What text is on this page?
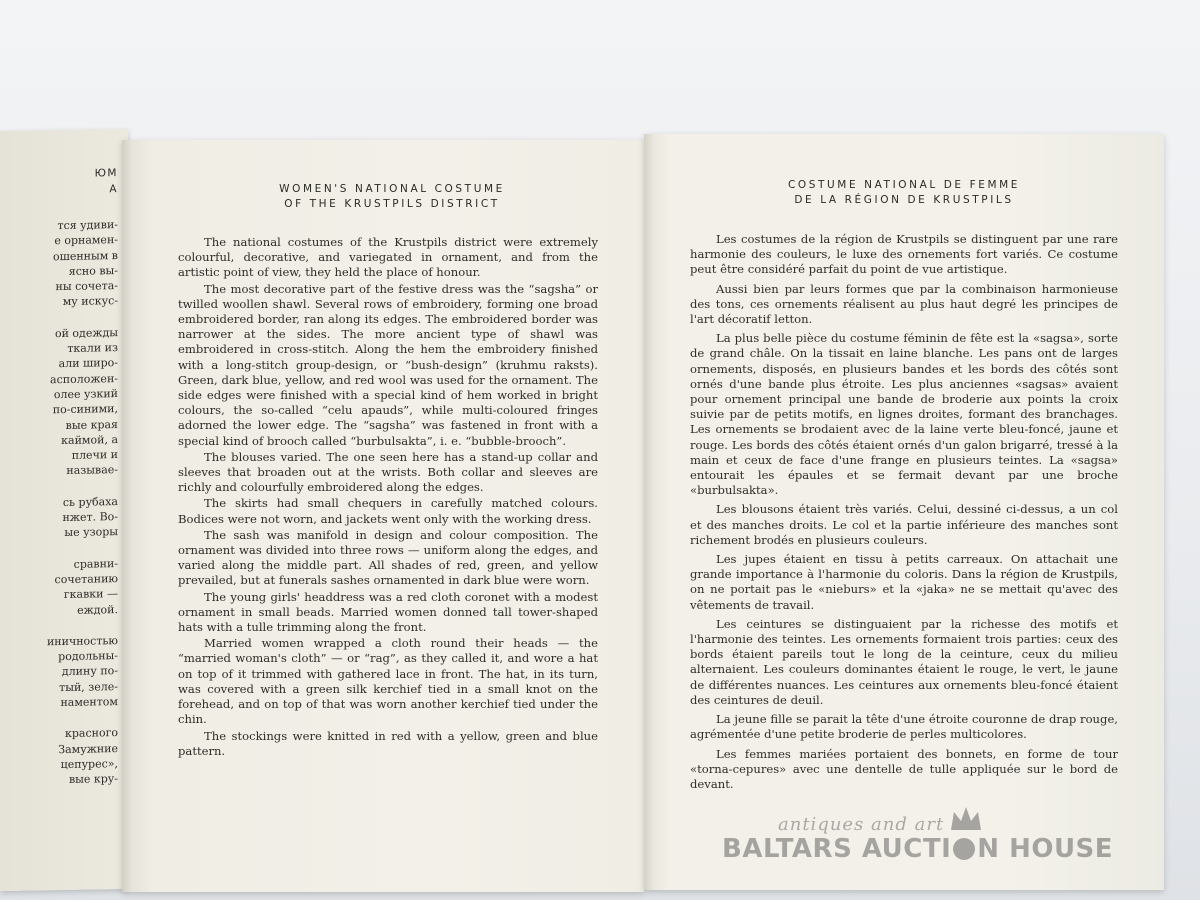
ЮМ
А
тся удиви-
е орнамен-
ошенным в
ясно вы-
ны сочета-
му искус-
ой одежды
ткали из
али шиpo-
асположен-
олее узкий
по-синими,
вые края
каймой, а
плечи и
называе-
сь рубаха
нжет. Во-
ые узоры
сравни-
сочетанию
гкавки —
еждой.
иничностью
родольны-
длину по-
тый, зеле-
наментом
красного
Замужние
цепурес»,
вые кру-
WOMEN'S NATIONAL COSTUME
OF THE KRUSTPILS DISTRICT

The national costumes of the Krustpils district were extremely colourful, decorative, and variegated in ornament, and from the artistic point of view, they held the place of honour.

The most decorative part of the festive dress was the “sagsha” or twilled woollen shawl. Several rows of embroidery, forming one broad embroidered border, ran along its edges. The embroidered border was narrower at the sides. The more ancient type of shawl was embroidered in cross-stitch. Along the hem the embroidery finished with a long-stitch group-design, or “bush-design” (kruhmu raksts). Green, dark blue, yellow, and red wool was used for the ornament. The side edges were finished with a special kind of hem worked in bright colours, the so-called “celu apauds”, while multi-coloured fringes adorned the lower edge. The “sagsha” was fastened in front with a special kind of brooch called “burbulsakta”, i. e. “bubble-brooch”.

The blouses varied. The one seen here has a stand-up collar and sleeves that broaden out at the wrists. Both collar and sleeves are richly and colourfully embroidered along the edges.

The skirts had small chequers in carefully matched colours. Bodices were not worn, and jackets went only with the working dress.

The sash was manifold in design and colour composition. The ornament was divided into three rows — uniform along the edges, and varied along the middle part. All shades of red, green, and yellow prevailed, but at funerals sashes ornamented in dark blue were worn.

The young girls' headdress was a red cloth coronet with a modest ornament in small beads. Married women donned tall tower-shaped hats with a tulle trimming along the front.

Married women wrapped a cloth round their heads — the “married woman's cloth” — or “rag”, as they called it, and wore a hat on top of it trimmed with gathered lace in front. The hat, in its turn, was covered with a green silk kerchief tied in a small knot on the forehead, and on top of that was worn another kerchief tied under the chin.

The stockings were knitted in red with a yellow, green and blue pattern.

COSTUME NATIONAL DE FEMME
DE LA RÉGION DE KRUSTPILS

Les costumes de la région de Krustpils se distinguent par une rare harmonie des couleurs, le luxe des ornements fort variés. Ce costume peut être considéré parfait du point de vue artistique.

Aussi bien par leurs formes que par la combinaison harmonieuse des tons, ces ornements réalisent au plus haut degré les principes de l'art décoratif letton.

La plus belle pièce du costume féminin de fête est la «sagsa», sorte de grand châle. On la tissait en laine blanche. Les pans ont de larges ornements, disposés, en plusieurs bandes et les bords des côtés sont ornés d'une bande plus étroite. Les plus anciennes «sagsas» avaient pour ornement principal une bande de broderie aux points la croix suivie par de petits motifs, en lignes droites, formant des branchages. Les ornements se brodaient avec de la laine verte bleu-foncé, jaune et rouge. Les bords des côtés étaient ornés d'un galon brigarré, tressé à la main et ceux de face d'une frange en plusieurs teintes. La «sagsa» entourait les épaules et se fermait devant par une broche «burbulsakta».

Les blousons étaient très variés. Celui, dessiné ci-dessus, a un col et des manches droits. Le col et la partie inférieure des manches sont richement brodés en plusieurs couleurs.

Les jupes étaient en tissu à petits carreaux. On attachait une grande importance à l'harmonie du coloris. Dans la région de Krustpils, on ne portait pas le «nieburs» et la «jaka» ne se mettait qu'avec des vêtements de travail.

Les ceintures se distinguaient par la richesse des motifs et l'harmonie des teintes. Les ornements formaient trois parties: ceux des bords étaient pareils tout le long de la ceinture, ceux du milieu alternaient. Les couleurs dominantes étaient le rouge, le vert, le jaune de différentes nuances. Les ceintures aux ornements bleu-foncé étaient des ceintures de deuil.

La jeune fille se parait la tête d'une étroite couronne de drap rouge, agrémentée d'une petite broderie de perles multicolores.

Les femmes mariées portaient des bonnets, en forme de tour «torna-cepures» avec une dentelle de tulle appliquée sur le bord de devant.

antiques and art
BALTARS AUCTI N HOUSE
